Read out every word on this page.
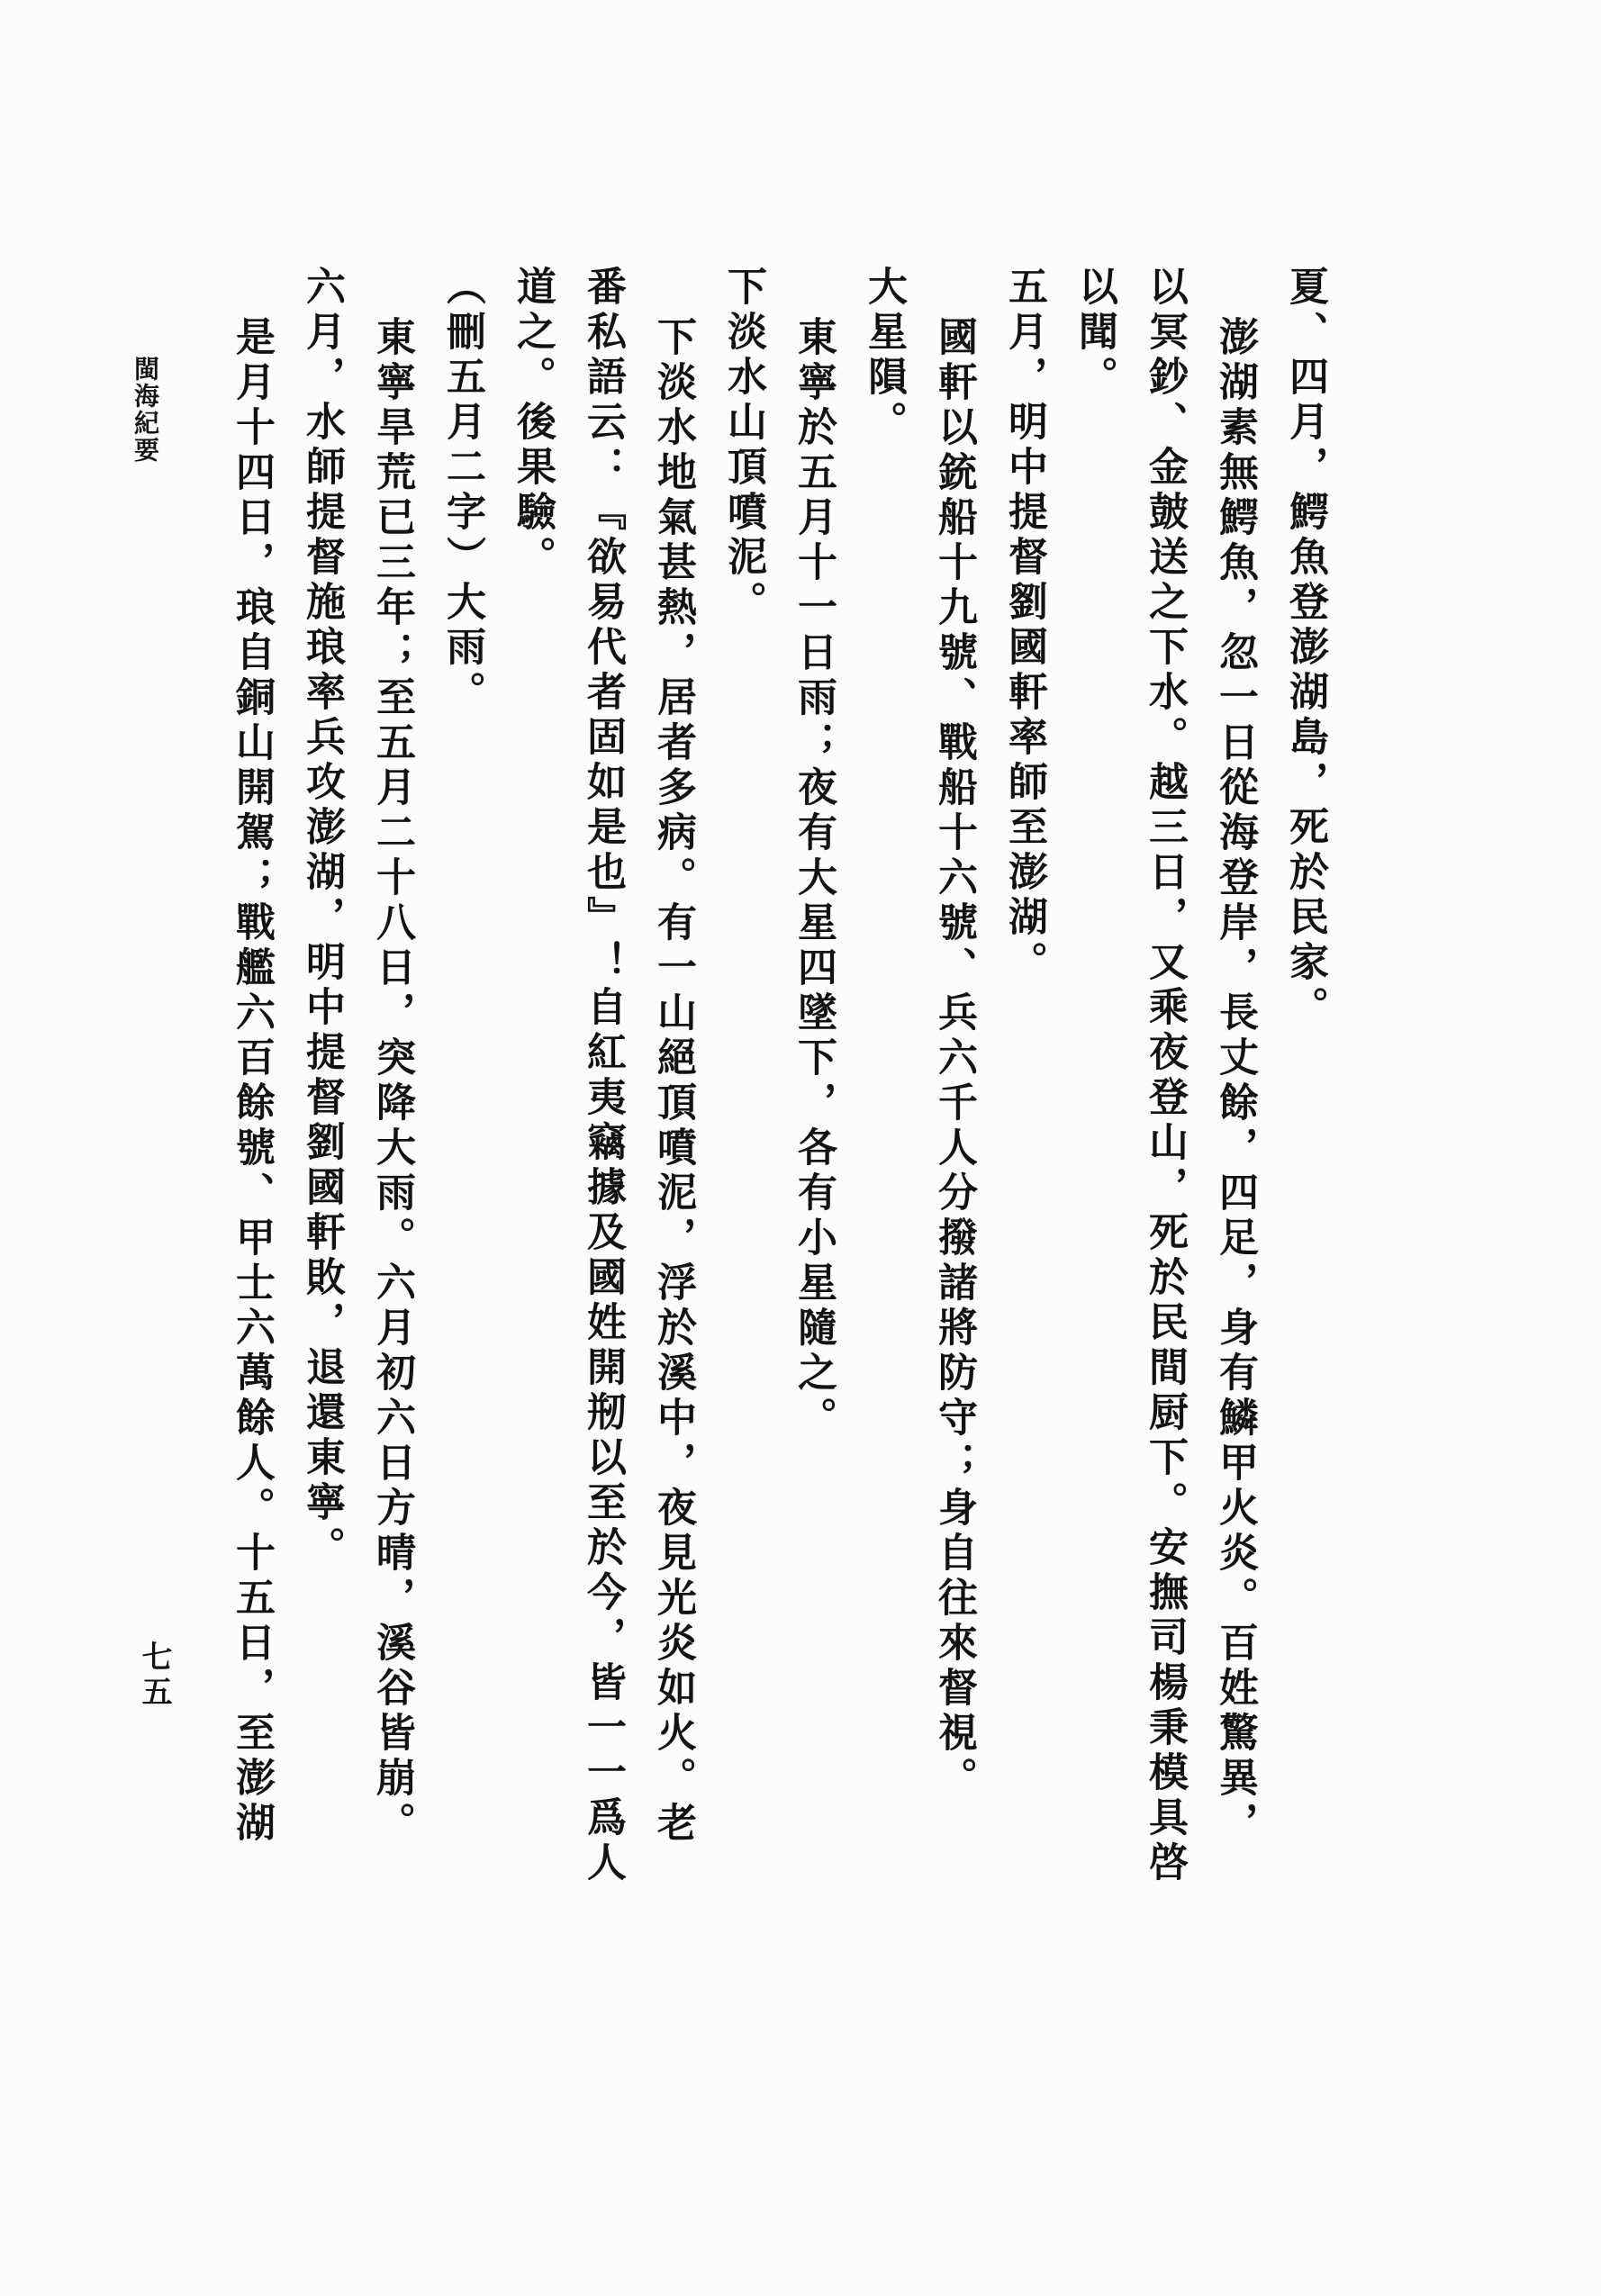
閩海紀要
七五
夏、四月，鰐魚登澎湖島，死於民家。
澎湖素無鰐魚，忽一日從海登岸，長丈餘，四足，身有鱗甲火炎。百姓驚異，
以冥鈔、金皷送之下水。越三日，又乘夜登山，死於民間厨下。安撫司楊秉模具啓
以聞。
五月，明中提督劉國軒率師至澎湖。
國軒以銃船十九號、戰船十六號、兵六千人分撥諸將防守；身自往來督視。
大星隕。
東寧於五月十一日雨；夜有大星四墜下，各有小星隨之。
下淡水山頂噴泥。
下淡水地氣甚熱，居者多病。有一山絕頂噴泥，浮於溪中，夜見光炎如火。老
番私語云：『欲易代者固如是也』！自紅夷竊據及國姓開剏以至於今，皆一一爲人
道之。後果驗。
（刪五月二字）大雨。
東寧旱荒已三年；至五月二十八日，突降大雨。六月初六日方晴，溪谷皆崩。
六月，水師提督施琅率兵攻澎湖，明中提督劉國軒敗，退還東寧。
是月十四日，琅自銅山開駕；戰艦六百餘號、甲士六萬餘人。十五日，至澎湖
